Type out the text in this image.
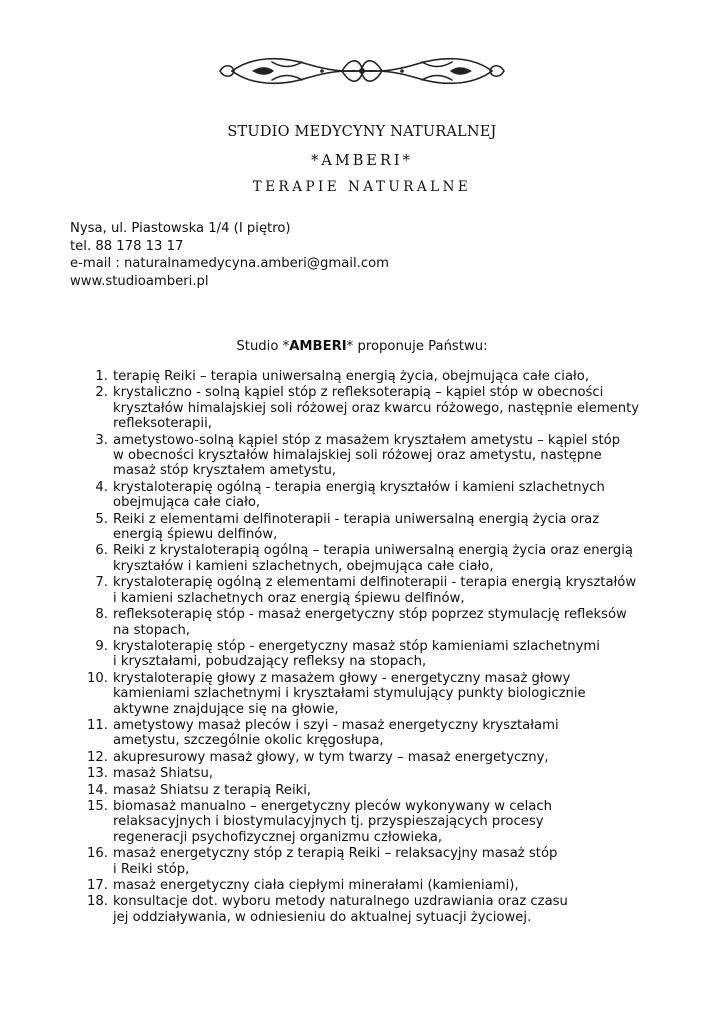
STUDIO MEDYCYNY NATURALNEJ
*AMBERI*
TERAPIE NATURALNE
Nysa, ul. Piastowska 1/4 (I piętro)
tel. 88 178 13 17
e-mail : naturalnamedycyna.amberi@gmail.com
www.studioamberi.pl
Studio *AMBERI* proponuje Państwu:
1. terapię Reiki – terapia uniwersalną energią życia, obejmująca całe ciało,
2. krystaliczno - solną kąpiel stóp z refleksoterapią – kąpiel stóp w obecności
kryształów himalajskiej soli różowej oraz kwarcu różowego, następnie elementy
refleksoterapii,
3. ametystowo-solną kąpiel stóp z masażem kryształem ametystu – kąpiel stóp
w obecności kryształów himalajskiej soli różowej oraz ametystu, następne
masaż stóp kryształem ametystu,
4. krystaloterapię ogólną - terapia energią kryształów i kamieni szlachetnych
obejmująca całe ciało,
5. Reiki z elementami delfinoterapii - terapia uniwersalną energią życia oraz
energią śpiewu delfinów,
6. Reiki z krystaloterapią ogólną – terapia uniwersalną energią życia oraz energią
kryształów i kamieni szlachetnych, obejmująca całe ciało,
7. krystaloterapię ogólną z elementami delfinoterapii - terapia energią kryształów
i kamieni szlachetnych oraz energią śpiewu delfinów,
8. refleksoterapię stóp - masaż energetyczny stóp poprzez stymulację refleksów
na stopach,
9. krystaloterapię stóp - energetyczny masaż stóp kamieniami szlachetnymi
i kryształami, pobudzający refleksy na stopach,
10. krystaloterapię głowy z masażem głowy - energetyczny masaż głowy
kamieniami szlachetnymi i kryształami stymulujący punkty biologicznie
aktywne znajdujące się na głowie,
11. ametystowy masaż pleców i szyi - masaż energetyczny kryształami
ametystu, szczególnie okolic kręgosłupa,
12. akupresurowy masaż głowy, w tym twarzy – masaż energetyczny,
13. masaż Shiatsu,
14. masaż Shiatsu z terapią Reiki,
15. biomasaż manualno – energetyczny pleców wykonywany w celach
relaksacyjnych i biostymulacyjnych tj. przyspieszających procesy
regeneracji psychofizycznej organizmu człowieka,
16. masaż energetyczny stóp z terapią Reiki – relaksacyjny masaż stóp
i Reiki stóp,
17. masaż energetyczny ciała ciepłymi minerałami (kamieniami),
18. konsultacje dot. wyboru metody naturalnego uzdrawiania oraz czasu
jej oddziaływania, w odniesieniu do aktualnej sytuacji życiowej.
